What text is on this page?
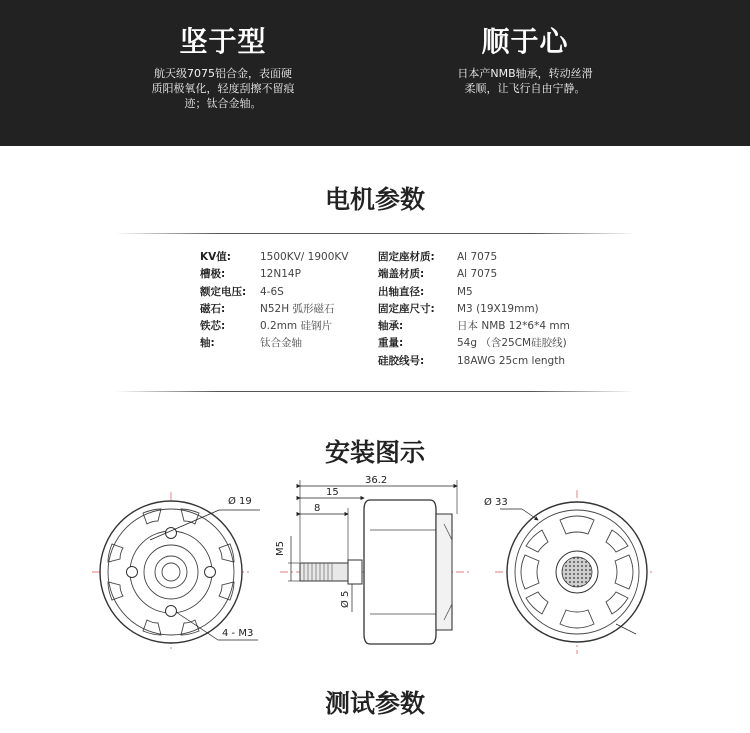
坚于型
航天级7075铝合金，表面硬
质阳极氧化，轻度刮擦不留痕
迹；钛合金轴。
顺于心
日本产NMB轴承，转动丝滑
柔顺，让飞行自由宁静。
电机参数
KV值:	1500KV/ 1900KV
槽极:	12N14P
额定电压:	4-6S
磁石:	N52H 弧形磁石
铁芯:	0.2mm 硅钢片
轴:	钛合金轴
固定座材质:	Al 7075
端盖材质:	Al 7075
出轴直径:	M5
固定座尺寸:	M3 (19X19mm)
轴承:	日本 NMB 12*6*4 mm
重量:	54g （含25CM硅胶线)
硅胶线号:	18AWG 25cm length
安装图示
Ø 19
4 - M3
36.2
15
8
M5
Ø 5
Ø 33
测试参数
